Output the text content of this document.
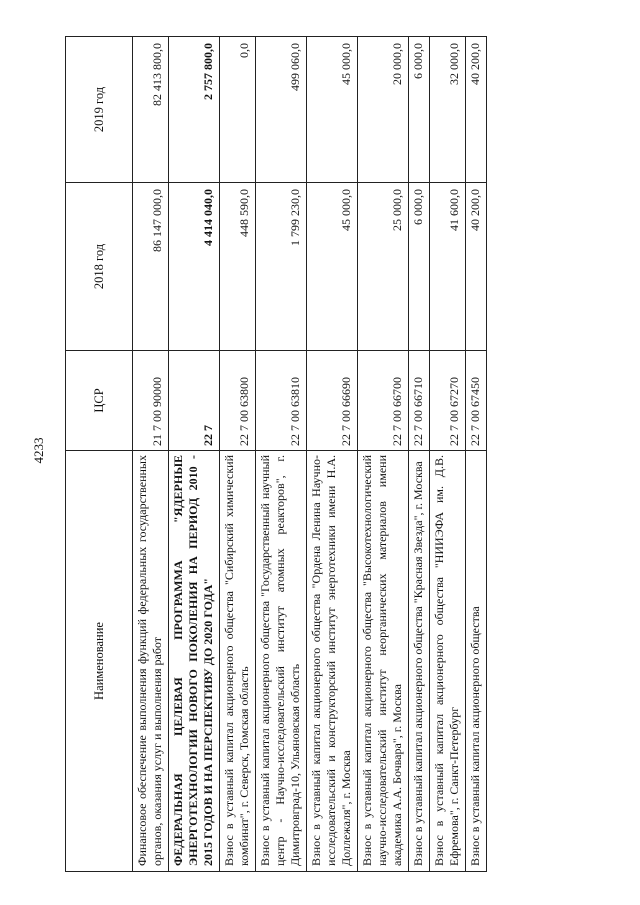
4233
Наименование	ЦСР	2018 год	2019 год
Финансовое обеспечение выполнения функций федеральных государственных органов, оказания услуг и выполнения работ	21 7 00 90000	86 147 000,0	82 413 800,0
ФЕДЕРАЛЬНАЯ ЦЕЛЕВАЯ ПРОГРАММА "ЯДЕРНЫЕ ЭНЕРГОТЕХНОЛОГИИ НОВОГО ПОКОЛЕНИЯ НА ПЕРИОД 2010 - 2015 ГОДОВ И НА ПЕРСПЕКТИВУ ДО 2020 ГОДА"	22 7	4 414 040,0	2 757 800,0
Взнос в уставный капитал акционерного общества "Сибирский химический комбинат", г. Северск, Томская область	22 7 00 63800	448 590,0	0,0
Взнос в уставный капитал акционерного общества "Государственный научный центр - Научно-исследовательский институт атомных реакторов", г. Димитровград-10, Ульяновская область	22 7 00 63810	1 799 230,0	499 060,0
Взнос в уставный капитал акционерного общества "Ордена Ленина Научно-исследовательский и конструкторский институт энерготехники имени Н.А. Доллежаля", г. Москва	22 7 00 66690	45 000,0	45 000,0
Взнос в уставный капитал акционерного общества "Высокотехнологический научно-исследовательский институт неорганических материалов имени академика А.А. Бочвара", г. Москва	22 7 00 66700	25 000,0	20 000,0
Взнос в уставный капитал акционерного общества "Красная Звезда", г. Москва	22 7 00 66710	6 000,0	6 000,0
Взнос в уставный капитал акционерного общества "НИИЭФА им. Д.В. Ефремова", г. Санкт-Петербург	22 7 00 67270	41 600,0	32 000,0
Взнос в уставный капитал акционерного общества	22 7 00 67450	40 200,0	40 200,0
